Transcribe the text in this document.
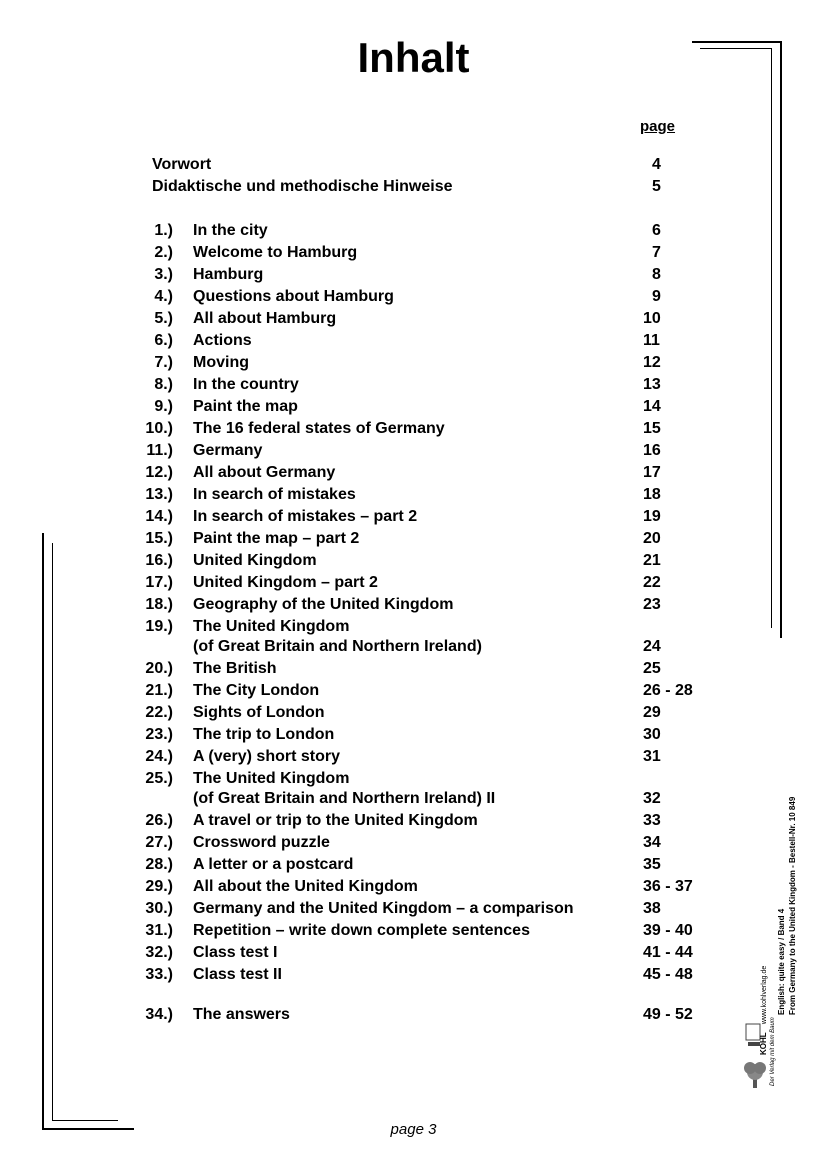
Inhalt
page
Vorwort	4
Didaktische und methodische Hinweise	5
1.) In the city	6
2.) Welcome to Hamburg	7
3.) Hamburg	8
4.) Questions about Hamburg	9
5.) All about Hamburg	10
6.) Actions	11
7.) Moving	12
8.) In the country	13
9.) Paint the map	14
10.) The 16 federal states of Germany	15
11.) Germany	16
12.) All about Germany	17
13.) In search of mistakes	18
14.) In search of mistakes – part 2	19
15.) Paint the map – part 2	20
16.) United Kingdom	21
17.) United Kingdom – part 2	22
18.) Geography of the United Kingdom	23
19.) The United Kingdom
(of Great Britain and Northern Ireland)	24
20.) The British	25
21.) The City London	26 - 28
22.) Sights of London	29
23.) The trip to London	30
24.) A (very) short story	31
25.) The United Kingdom
(of Great Britain and Northern Ireland) II	32
26.) A travel or trip to the United Kingdom	33
27.) Crossword puzzle	34
28.) A letter or a postcard	35
29.) All about the United Kingdom	36 - 37
30.) Germany and the United Kingdom – a comparison	38
31.) Repetition – write down complete sentences	39 - 40
32.) Class test I	41 - 44
33.) Class test II	45 - 48
34.) The answers	49 - 52
KOHL www.kohlverlag.de English: quite easy / Band 4 From Germany to the United Kingdom - Bestell-Nr. 10 849
Der Verlag mit dem Baum
page 3
